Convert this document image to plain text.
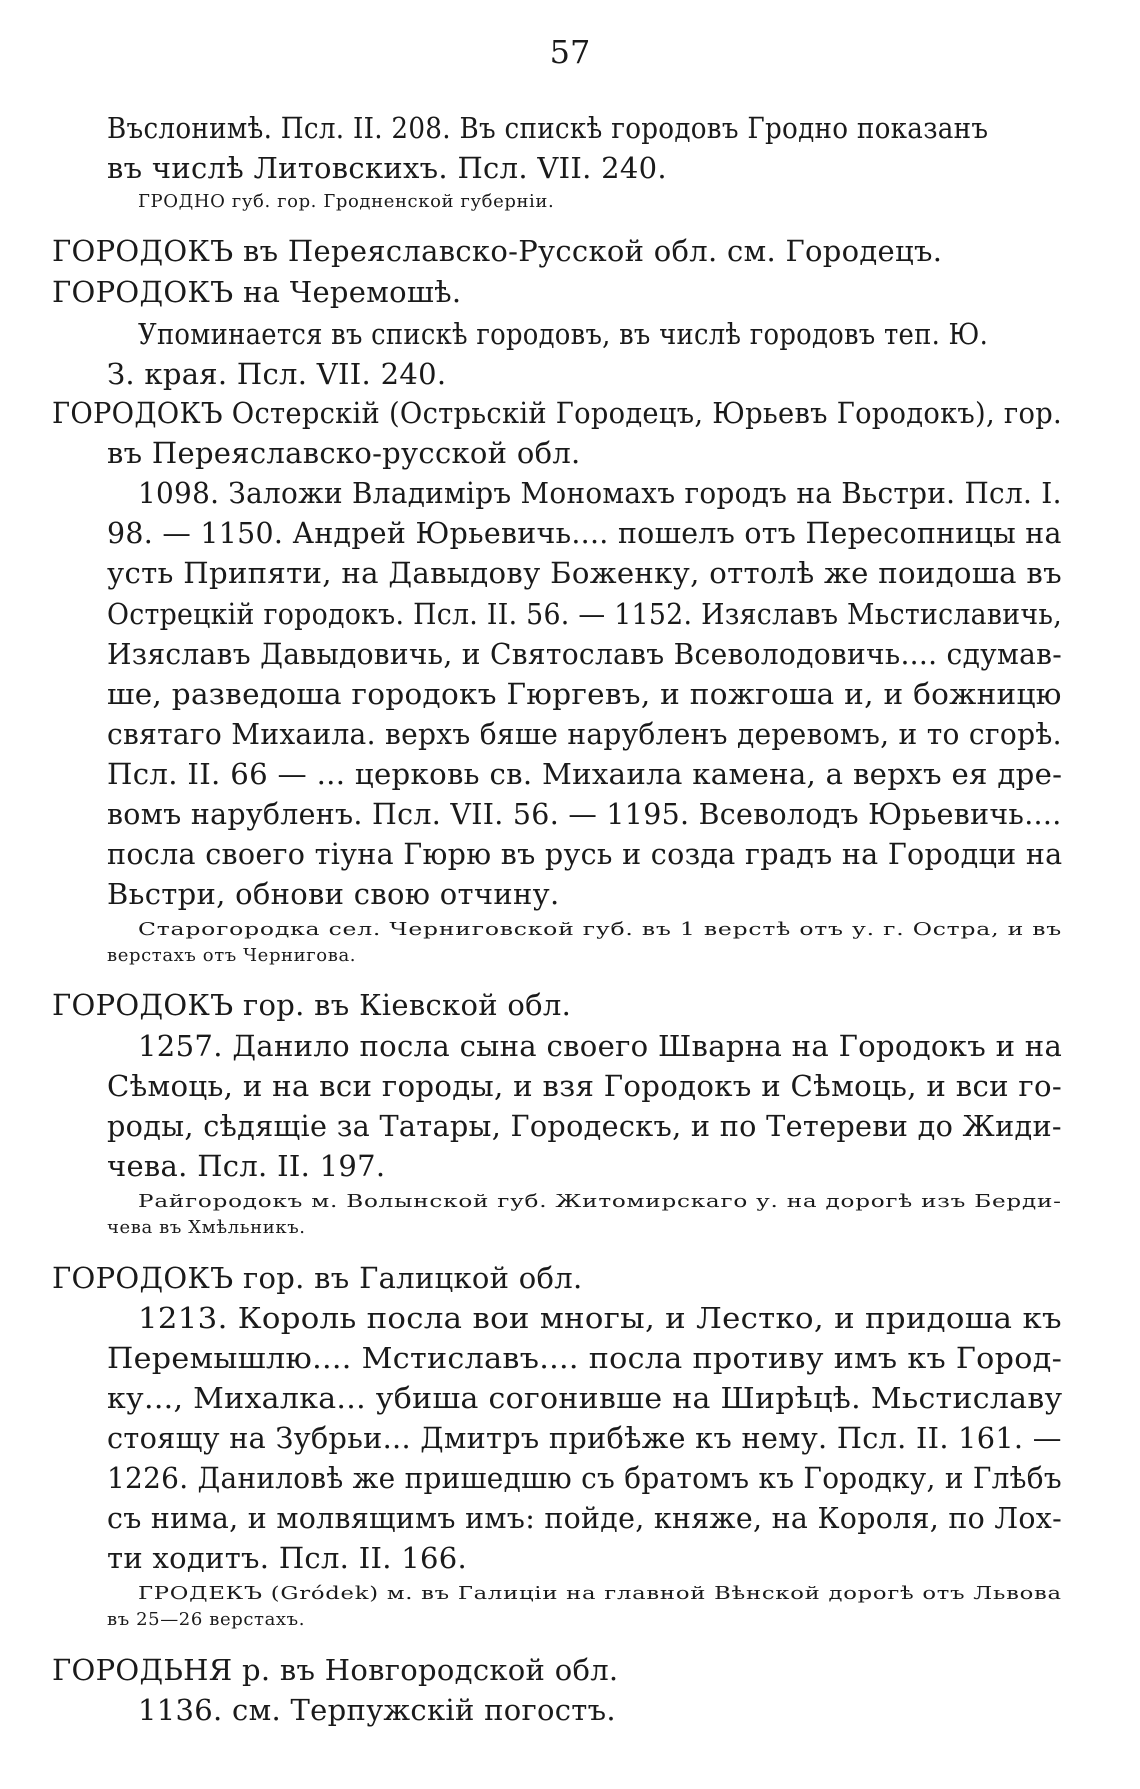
57
Въслонимѣ. Псл. II. 208. Въ спискѣ городовъ Гродно показанъ
въ числѣ Литовскихъ. Псл. VII. 240.
ГРОДНО губ. гор. Гродненской губерніи.
ГОРОДОКЪ въ Переяславско-Русской обл. см. Городецъ.
ГОРОДОКЪ на Черемошѣ.
Упоминается въ спискѣ городовъ, въ числѣ городовъ теп. Ю.
З. края. Псл. VII. 240.
ГОРОДОКЪ Остерскій (Острьскій Городецъ, Юрьевъ Городокъ), гор.
въ Переяславско-русской обл.
1098. Заложи Владиміръ Мономахъ городъ на Вьстри. Псл. I.
98. — 1150. Андрей Юрьевичь.... пошелъ отъ Пересопницы на
усть Припяти, на Давыдову Боженку, оттолѣ же поидоша въ
Острецкій городокъ. Псл. II. 56. — 1152. Изяславъ Мьстиславичь,
Изяславъ Давыдовичь, и Святославъ Всеволодовичь.... сдумав-
ше, разведоша городокъ Гюргевъ, и пожгоша и, и божницю
святаго Михаила. верхъ бяше нарубленъ деревомъ, и то сгорѣ.
Псл. II. 66 — ... церковь св. Михаила камена, а верхъ ея дре-
вомъ нарубленъ. Псл. VII. 56. — 1195. Всеволодъ Юрьевичь....
посла своего тіуна Гюрю въ русь и созда градъ на Городци на
Вьстри, обнови свою отчину.
Старогородка сел. Черниговской губ. въ 1 верстѣ отъ у. г. Остра, и въ
верстахъ отъ Чернигова.
ГОРОДОКЪ гор. въ Кіевской обл.
1257. Данило посла сына своего Шварна на Городокъ и на
Сѣмоць, и на вси городы, и взя Городокъ и Сѣмоць, и вси го-
роды, сѣдящіе за Татары, Городескъ, и по Тетереви до Жиди-
чева. Псл. II. 197.
Райгородокъ м. Волынской губ. Житомирскаго у. на дорогѣ изъ Берди-
чева въ Хмѣльникъ.
ГОРОДОКЪ гор. въ Галицкой обл.
1213. Король посла вои многы, и Лестко, и придоша къ
Перемышлю.... Мстиславъ.... посла противу имъ къ Город-
ку..., Михалка... убиша согонивше на Ширѣцѣ. Мьстиславу
стоящу на Зубрьи... Дмитръ прибѣже къ нему. Псл. II. 161. —
1226. Даниловѣ же пришедшю съ братомъ къ Городку, и Глѣбъ
съ нима, и молвящимъ имъ: пойде, княже, на Короля, по Лох-
ти ходитъ. Псл. II. 166.
ГРОДЕКЪ (Gródek) м. въ Галиціи на главной Вѣнской дорогѣ отъ Львова
въ 25—26 верстахъ.
ГОРОДЬНЯ р. въ Новгородской обл.
1136. см. Терпужскій погостъ.
